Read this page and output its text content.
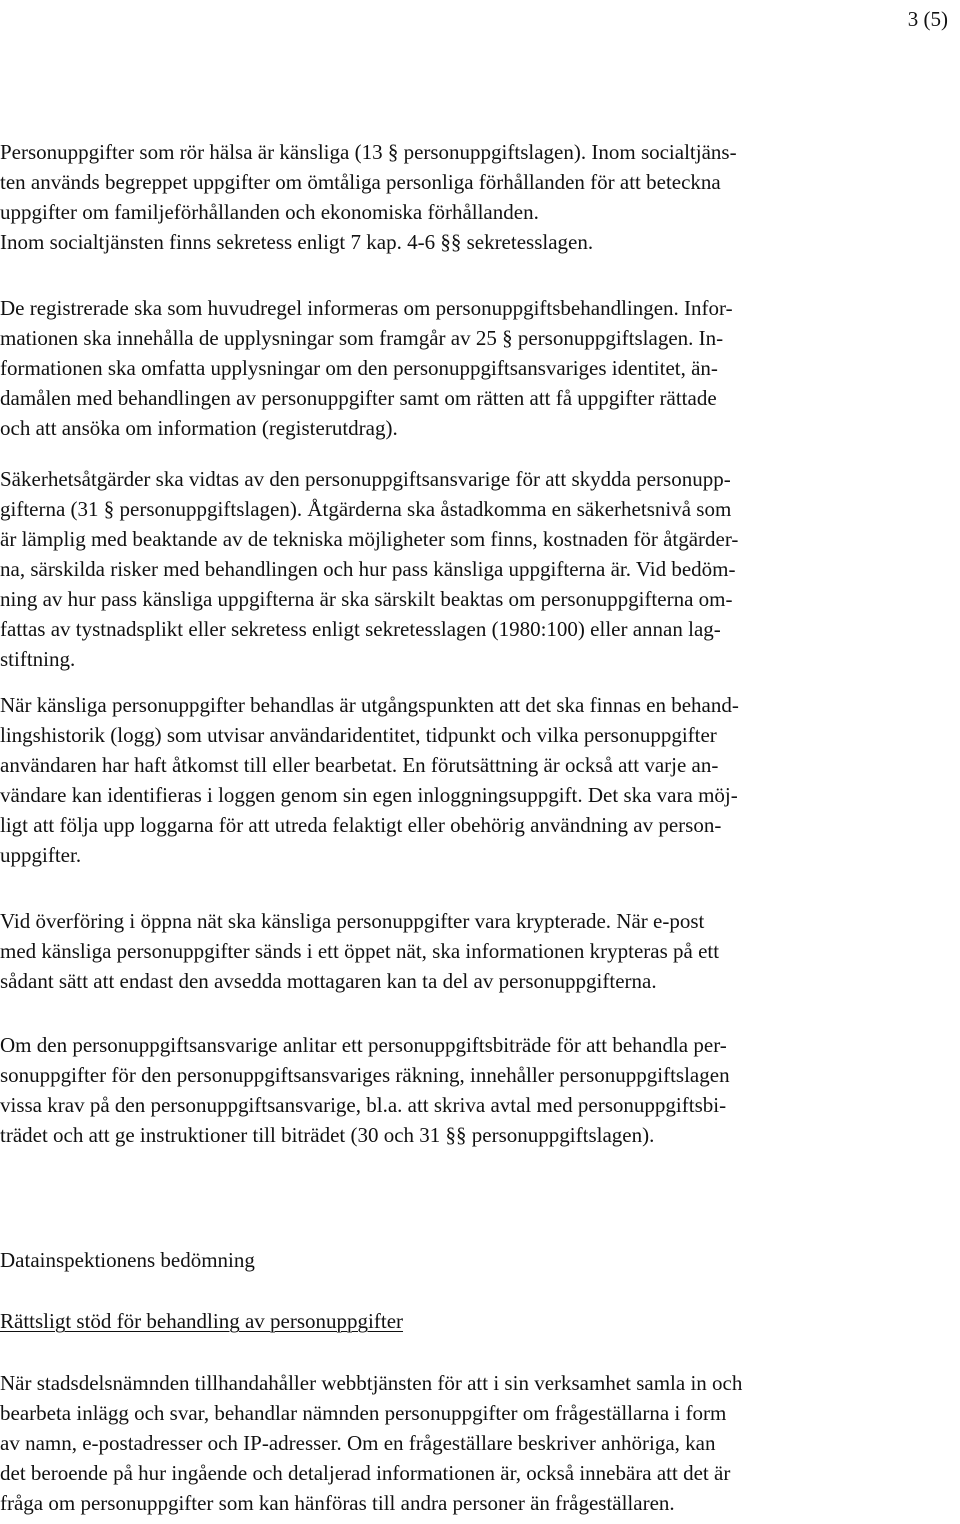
3 (5)
Personuppgifter som rör hälsa är känsliga (13 § personuppgiftslagen). Inom socialtjäns-
ten används begreppet uppgifter om ömtåliga personliga förhållanden för att beteckna
uppgifter om familjeförhållanden och ekonomiska förhållanden.
Inom socialtjänsten finns sekretess enligt 7 kap. 4-6 §§ sekretesslagen.
De registrerade ska som huvudregel informeras om personuppgiftsbehandlingen. Infor-
mationen ska innehålla de upplysningar som framgår av 25 § personuppgiftslagen. In-
formationen ska omfatta upplysningar om den personuppgiftsansvariges identitet, än-
damålen med behandlingen av personuppgifter samt om rätten att få uppgifter rättade
och att ansöka om information (registerutdrag).
Säkerhetsåtgärder ska vidtas av den personuppgiftsansvarige för att skydda personupp-
gifterna (31 § personuppgiftslagen). Åtgärderna ska åstadkomma en säkerhetsnivå som
är lämplig med beaktande av de tekniska möjligheter som finns, kostnaden för åtgärder-
na, särskilda risker med behandlingen och hur pass känsliga uppgifterna är. Vid bedöm-
ning av hur pass känsliga uppgifterna är ska särskilt beaktas om personuppgifterna om-
fattas av tystnadsplikt eller sekretess enligt sekretesslagen (1980:100) eller annan lag-
stiftning.
När känsliga personuppgifter behandlas är utgångspunkten att det ska finnas en behand-
lingshistorik (logg) som utvisar användaridentitet, tidpunkt och vilka personuppgifter
användaren har haft åtkomst till eller bearbetat. En förutsättning är också att varje an-
vändare kan identifieras i loggen genom sin egen inloggningsuppgift. Det ska vara möj-
ligt att följa upp loggarna för att utreda felaktigt eller obehörig användning av person-
uppgifter.
Vid överföring i öppna nät ska känsliga personuppgifter vara krypterade. När e-post
med känsliga personuppgifter sänds i ett öppet nät, ska informationen krypteras på ett
sådant sätt att endast den avsedda mottagaren kan ta del av personuppgifterna.
Om den personuppgiftsansvarige anlitar ett personuppgiftsbiträde för att behandla per-
sonuppgifter för den personuppgiftsansvariges räkning, innehåller personuppgiftslagen
vissa krav på den personuppgiftsansvarige, bl.a. att skriva avtal med personuppgiftsbi-
trädet och att ge instruktioner till biträdet (30 och 31 §§ personuppgiftslagen).
Datainspektionens bedömning
Rättsligt stöd för behandling av personuppgifter
När stadsdelsnämnden tillhandahåller webbtjänsten för att i sin verksamhet samla in och
bearbeta inlägg och svar, behandlar nämnden personuppgifter om frågeställarna i form
av namn, e-postadresser och IP-adresser. Om en frågeställare beskriver anhöriga, kan
det beroende på hur ingående och detaljerad informationen är, också innebära att det är
fråga om personuppgifter som kan hänföras till andra personer än frågeställaren.
